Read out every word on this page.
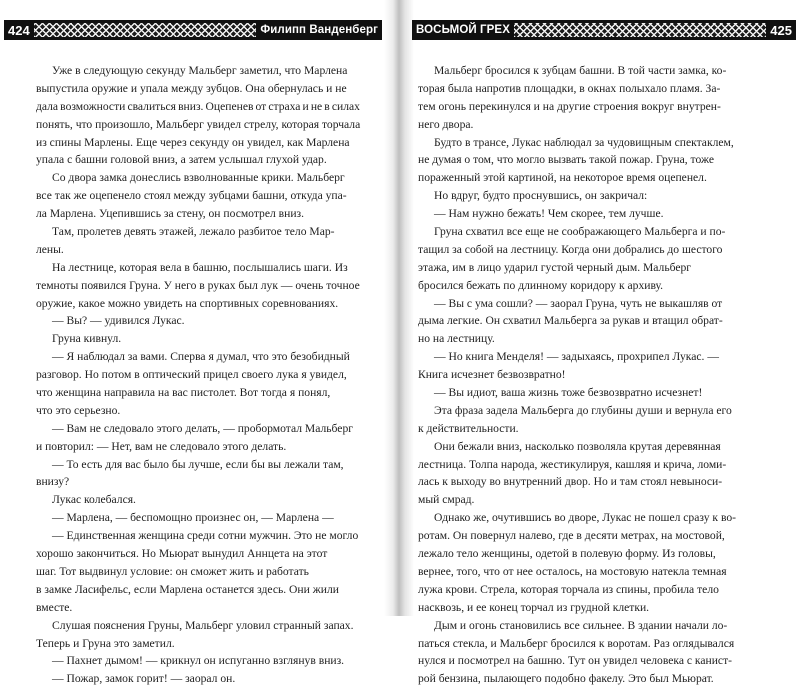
424	Филипп Ванденберг
Уже в следующую секунду Мальберг заметил, что Марлена
выпустила оружие и упала между зубцов. Она обернулась и не
дала возможности свалиться вниз. Оцепенев от страха и не в силах
понять, что произошло, Мальберг увидел стрелу, которая торчала
из спины Марлены. Еще через секунду он увидел, как Марлена
упала с башни головой вниз, а затем услышал глухой удар.
Со двора замка донеслись взволнованные крики. Мальберг
все так же оцепенело стоял между зубцами башни, откуда упа-
ла Марлена. Уцепившись за стену, он посмотрел вниз.
Там, пролетев девять этажей, лежало разбитое тело Мар-
лены.
На лестнице, которая вела в башню, послышались шаги. Из
темноты появился Груна. У него в руках был лук — очень точное
оружие, какое можно увидеть на спортивных соревнованиях.
— Вы? — удивился Лукас.
Груна кивнул.
— Я наблюдал за вами. Сперва я думал, что это безобидный
разговор. Но потом в оптический прицел своего лука я увидел,
что женщина направила на вас пистолет. Вот тогда я понял,
что это серьезно.
— Вам не следовало этого делать, — пробормотал Мальберг
и повторил: — Нет, вам не следовало этого делать.
— То есть для вас было бы лучше, если бы вы лежали там,
внизу?
Лукас колебался.
— Марлена, — беспомощно произнес он, — Марлена —
— Единственная женщина среди сотни мужчин. Это не могло
хорошо закончиться. Но Мьюрат вынудил Аннцета на этот
шаг. Тот выдвинул условие: он сможет жить и работать
в замке Ласифельс, если Марлена останется здесь. Они жили
вместе.
Слушая пояснения Груны, Мальберг уловил странный запах.
Теперь и Груна это заметил.
— Пахнет дымом! — крикнул он испуганно взглянув вниз.
— Пожар, замок горит! — заорал он.
ВОСЬМОЙ ГРЕХ	425
Мальберг бросился к зубцам башни. В той части замка, ко-
торая была напротив площадки, в окнах полыхало пламя. За-
тем огонь перекинулся и на другие строения вокруг внутрен-
него двора.
Будто в трансе, Лукас наблюдал за чудовищным спектаклем,
не думая о том, что могло вызвать такой пожар. Груна, тоже
пораженный этой картиной, на некоторое время оцепенел.
Но вдруг, будто проснувшись, он закричал:
— Нам нужно бежать! Чем скорее, тем лучше.
Груна схватил все еще не соображающего Мальберга и по-
тащил за собой на лестницу. Когда они добрались до шестого
этажа, им в лицо ударил густой черный дым. Мальберг
бросился бежать по длинному коридору к архиву.
— Вы с ума сошли? — заорал Груна, чуть не выкашляв от
дыма легкие. Он схватил Мальберга за рукав и втащил обрат-
но на лестницу.
— Но книга Менделя! — задыхаясь, прохрипел Лукас. —
Книга исчезнет безвозвратно!
— Вы идиот, ваша жизнь тоже безвозвратно исчезнет!
Эта фраза задела Мальберга до глубины души и вернула его
к действительности.
Они бежали вниз, насколько позволяла крутая деревянная
лестница. Толпа народа, жестикулируя, кашляя и крича, ломи-
лась к выходу во внутренний двор. Но и там стоял невыноси-
мый смрад.
Однако же, очутившись во дворе, Лукас не пошел сразу к во-
ротам. Он повернул налево, где в десяти метрах, на мостовой,
лежало тело женщины, одетой в полевую форму. Из головы,
вернее, того, что от нее осталось, на мостовую натекла темная
лужа крови. Стрела, которая торчала из спины, пробила тело
насквозь, и ее конец торчал из грудной клетки.
Дым и огонь становились все сильнее. В здании начали ло-
паться стекла, и Мальберг бросился к воротам. Раз оглядывался
нулся и посмотрел на башню. Тут он увидел человека с канист-
рой бензина, пылающего подобно факелу. Это был Мьюрат.
